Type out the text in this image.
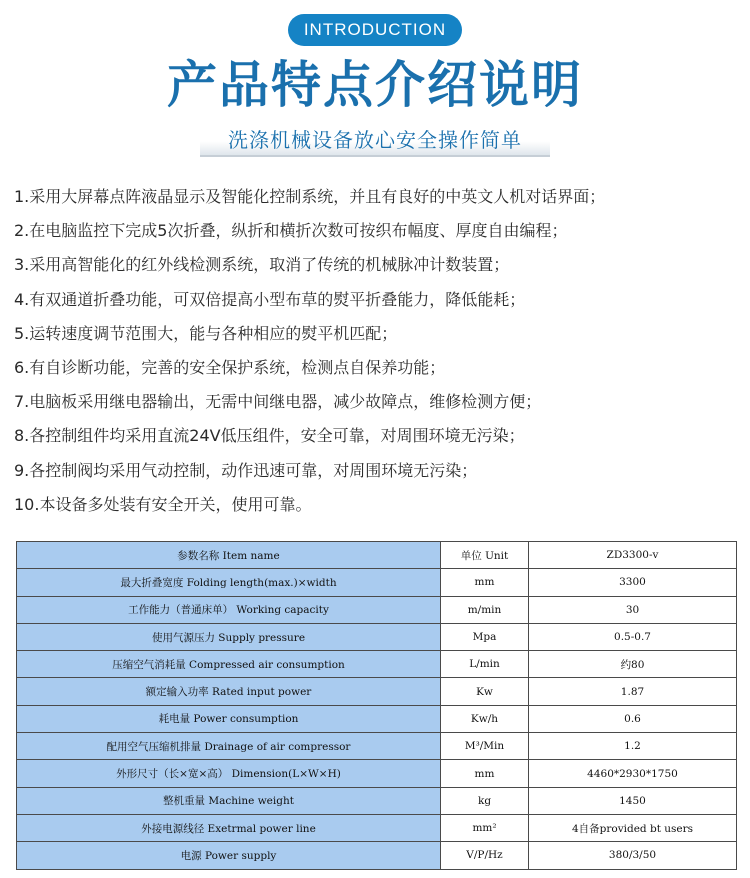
INTRODUCTION
产品特点介绍说明
洗涤机械设备放心安全操作简单
1.采用大屏幕点阵液晶显示及智能化控制系统，并且有良好的中英文人机对话界面；
2.在电脑监控下完成5次折叠，纵折和横折次数可按织布幅度、厚度自由编程；
3.采用高智能化的红外线检测系统，取消了传统的机械脉冲计数装置；
4.有双通道折叠功能，可双倍提高小型布草的熨平折叠能力，降低能耗；
5.运转速度调节范围大，能与各种相应的熨平机匹配；
6.有自诊断功能，完善的安全保护系统，检测点自保养功能；
7.电脑板采用继电器输出，无需中间继电器，减少故障点，维修检测方便；
8.各控制组件均采用直流24V低压组件，安全可靠，对周围环境无污染；
9.各控制阀均采用气动控制，动作迅速可靠，对周围环境无污染；
10.本设备多处装有安全开关，使用可靠。
参数名称 Item name	单位 Unit	ZD3300-v
最大折叠宽度 Folding length(max.)×width	mm	3300
工作能力（普通床单） Working capacity	m/min	30
使用气源压力 Supply pressure	Mpa	0.5-0.7
压缩空气消耗量 Compressed air consumption	L/min	约80
额定输入功率 Rated input power	Kw	1.87
耗电量 Power consumption	Kw/h	0.6
配用空气压缩机排量 Drainage of air compressor	M³/Min	1.2
外形尺寸（长×宽×高） Dimension(L×W×H)	mm	4460*2930*1750
整机重量 Machine weight	kg	1450
外接电源线径 Exetrmal power line	mm²	4自备provided bt users
电源 Power supply	V/P/Hz	380/3/50
